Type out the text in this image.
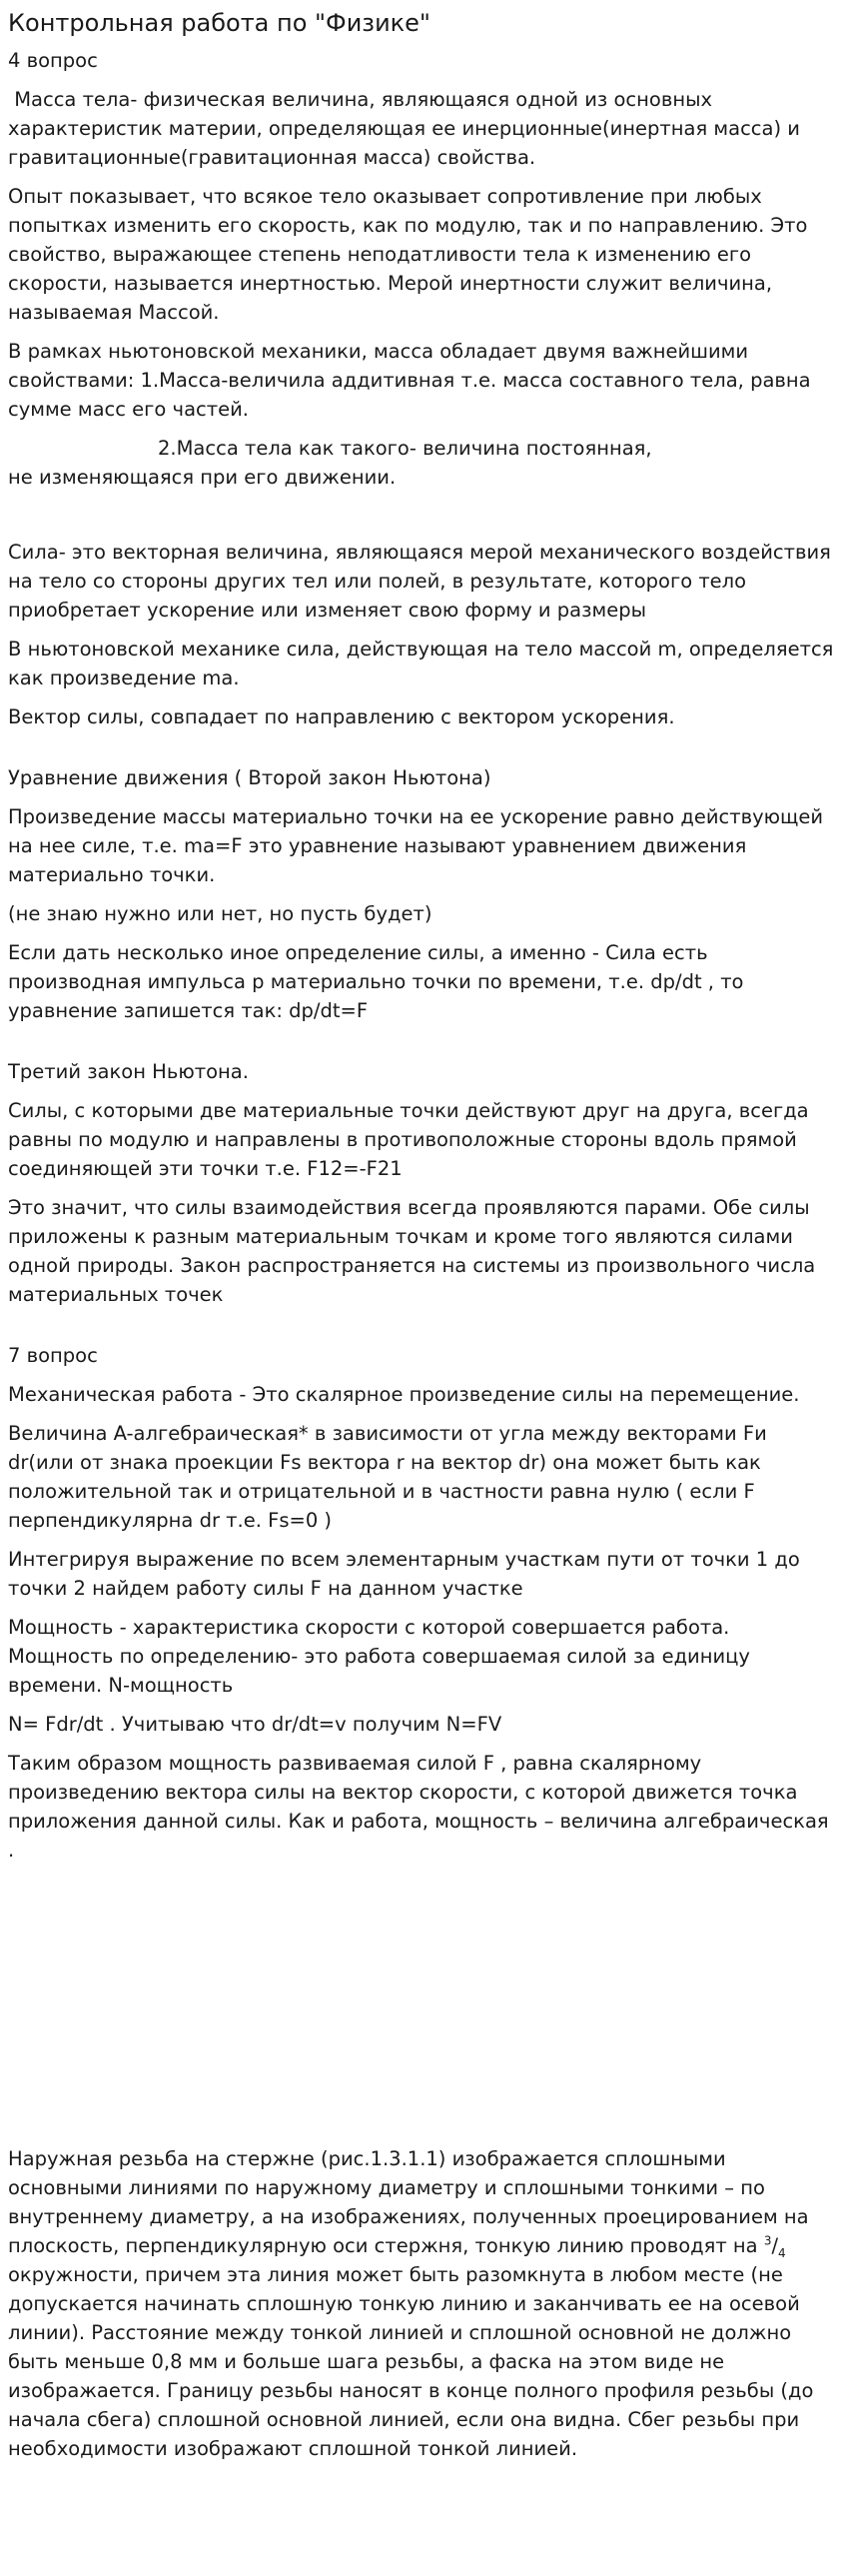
Контрольная работа по "Физике"

4 вопрос

Масса тела- физическая величина, являющаяся одной из основных характеристик материи, определяющая ее инерционные(инертная масса) и гравитационные(гравитационная масса) свойства.

Опыт показывает, что всякое тело оказывает сопротивление при любых попытках изменить его скорость, как по модулю, так и по направлению. Это свойство, выражающее степень неподатливости тела к изменению его скорости, называется инертностью. Мерой инертности служит величина, называемая Массой.

В рамках ньютоновской механики, масса обладает двумя важнейшими свойствами: 1.Масса-величила аддитивная т.е. масса составного тела, равна сумме масс его частей.

2.Масса тела как такого- величина постоянная,
не изменяющаяся при его движении.

Сила- это векторная величина, являющаяся мерой механического воздействия на тело со стороны других тел или полей, в результате, которого тело приобретает ускорение или изменяет свою форму и размеры

В ньютоновской механике сила, действующая на тело массой m, определяется как произведение ma.

Вектор силы, совпадает по направлению с вектором ускорения.

Уравнение движения ( Второй закон Ньютона)

Произведение массы материально точки на ее ускорение равно действующей на нее силе, т.е. ma=F это уравнение называют уравнением движения материально точки.

(не знаю нужно или нет, но пусть будет)

Если дать несколько иное определение силы, а именно - Сила есть производная импульса p материально точки по времени, т.е. dp/dt , то уравнение запишется так: dp/dt=F

Третий закон Ньютона.

Силы, с которыми две материальные точки действуют друг на друга, всегда равны по модулю и направлены в противоположные стороны вдоль прямой соединяющей эти точки т.е. F12=-F21

Это значит, что силы взаимодействия всегда проявляются парами. Обе силы приложены к разным материальным точкам и кроме того являются силами одной природы. Закон распространяется на системы из произвольного числа материальных точек

7 вопрос

Механическая работа - Это скалярное произведение силы на перемещение.

Величина A-алгебраическая* в зависимости от угла между векторами Fи dr(или от знака проекции Fs вектора r на вектор dr) она может быть как положительной так и отрицательной и в частности равна нулю ( если F перпендикулярна dr т.е. Fs=0 )

Интегрируя выражение по всем элементарным участкам пути от точки 1 до точки 2 найдем работу силы F на данном участке

Мощность - характеристика скорости с которой совершается работа. Мощность по определению- это работа совершаемая силой за единицу времени. N-мощность

N= Fdr/dt . Учитываю что dr/dt=v получим N=FV

Таким образом мощность развиваемая силой F , равна скалярному произведению вектора силы на вектор скорости, с которой движется точка приложения данной силы. Как и работа, мощность – величина алгебраическая .

Наружная резьба на стержне (рис.1.3.1.1) изображается сплошными основными линиями по наружному диаметру и сплошными тонкими – по внутреннему диаметру, а на изображениях, полученных проецированием на плоскость, перпендикулярную оси стержня, тонкую линию проводят на $^3/_4$ окружности, причем эта линия может быть разомкнута в любом месте (не допускается начинать сплошную тонкую линию и заканчивать ее на осевой линии). Расстояние между тонкой линией и сплошной основной не должно быть меньше 0,8 мм и больше шага резьбы, а фаска на этом виде не изображается. Границу резьбы наносят в конце полного профиля резьбы (до начала сбега) сплошной основной линией, если она видна. Сбег резьбы при необходимости изображают сплошной тонкой линией.
